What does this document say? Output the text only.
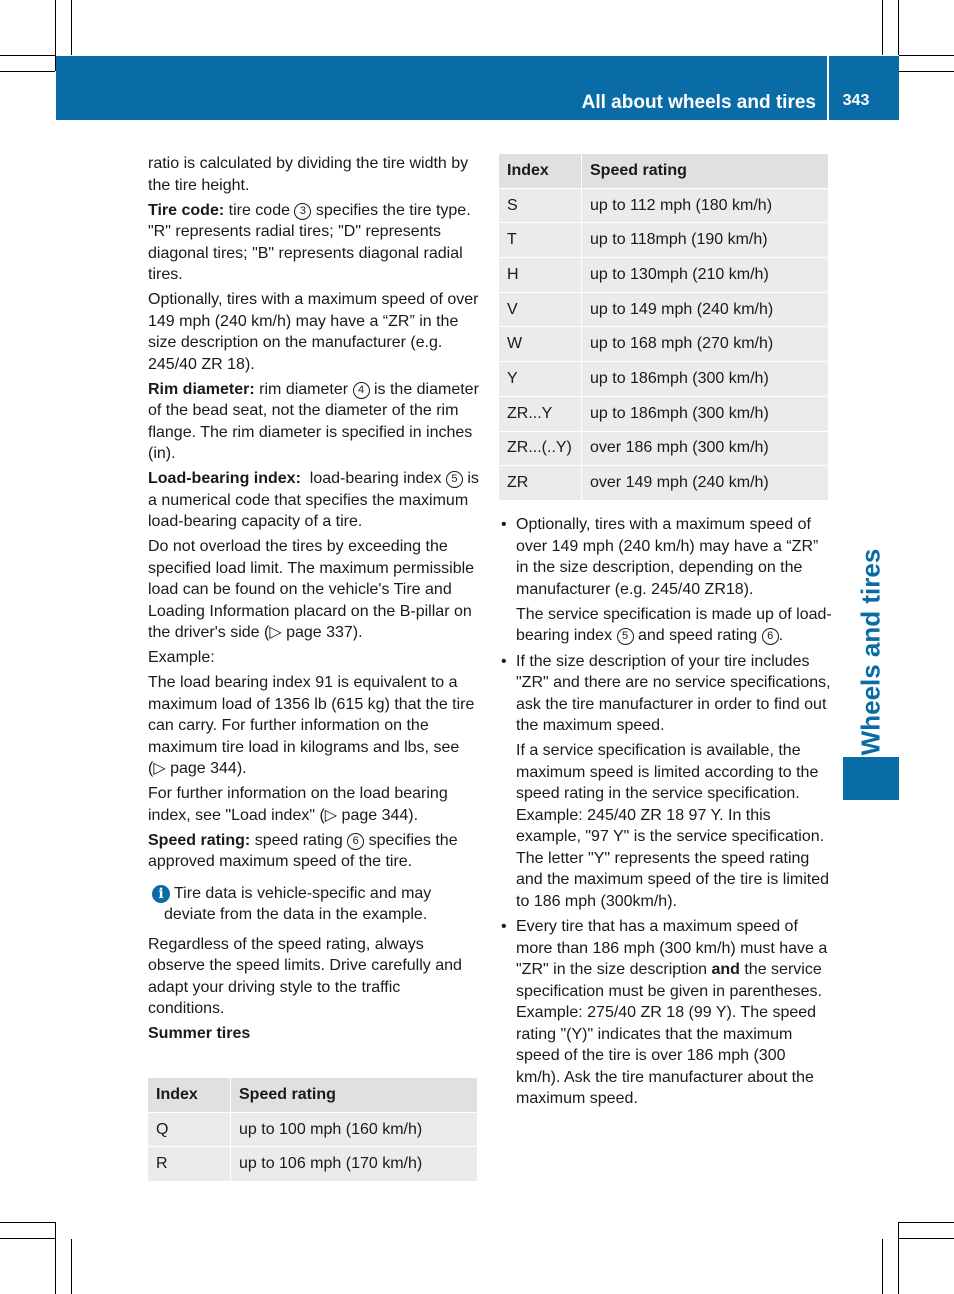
All about wheels and tires	343
Wheels and tires

ratio is calculated by dividing the tire width by the tire height.

Tire code: tire code 3 specifies the tire type. "R" represents radial tires; "D" represents diagonal tires; "B" represents diagonal radial tires.

Optionally, tires with a maximum speed of over 149 mph (240 km/h) may have a “ZR” in the size description on the manufacturer (e.g. 245/40 ZR 18).

Rim diameter: rim diameter 4 is the diameter of the bead seat, not the diameter of the rim flange. The rim diameter is specified in inches (in).

Load-bearing index: load-bearing index 5 is a numerical code that specifies the maximum load-bearing capacity of a tire.

Do not overload the tires by exceeding the specified load limit. The maximum permissible load can be found on the vehicle's Tire and Loading Information placard on the B-pillar on the driver's side (▷ page 337).

Example:

The load bearing index 91 is equivalent to a maximum load of 1356 lb (615 kg) that the tire can carry. For further information on the maximum tire load in kilograms and lbs, see (▷ page 344).

For further information on the load bearing index, see "Load index" (▷ page 344).

Speed rating: speed rating 6 specifies the approved maximum speed of the tire.

i Tire data is vehicle-specific and may deviate from the data in the example.

Regardless of the speed rating, always observe the speed limits. Drive carefully and adapt your driving style to the traffic conditions.

Summer tires

Index	Speed rating
Q	up to 100 mph (160 km/h)
R	up to 106 mph (170 km/h)
Index	Speed rating
S	up to 112 mph (180 km/h)
T	up to 118mph (190 km/h)
H	up to 130mph (210 km/h)
V	up to 149 mph (240 km/h)
W	up to 168 mph (270 km/h)
Y	up to 186mph (300 km/h)
ZR...Y	up to 186mph (300 km/h)
ZR...(..Y)	over 186 mph (300 km/h)
ZR	over 149 mph (240 km/h)

• Optionally, tires with a maximum speed of over 149 mph (240 km/h) may have a “ZR” in the size description, depending on the manufacturer (e.g. 245/40 ZR18).

The service specification is made up of load-bearing index 5 and speed rating 6 .

• If the size description of your tire includes "ZR" and there are no service specifications, ask the tire manufacturer in order to find out the maximum speed.

If a service specification is available, the maximum speed is limited according to the speed rating in the service specification. Example: 245/40 ZR 18 97 Y. In this example, "97 Y" is the service specification. The letter "Y" represents the speed rating and the maximum speed of the tire is limited to 186 mph (300km/h).

• Every tire that has a maximum speed of more than 186 mph (300 km/h) must have a "ZR" in the size description and the service specification must be given in parentheses. Example: 275/40 ZR 18 (99 Y). The speed rating "(Y)" indicates that the maximum speed of the tire is over 186 mph (300 km/h). Ask the tire manufacturer about the maximum speed.
